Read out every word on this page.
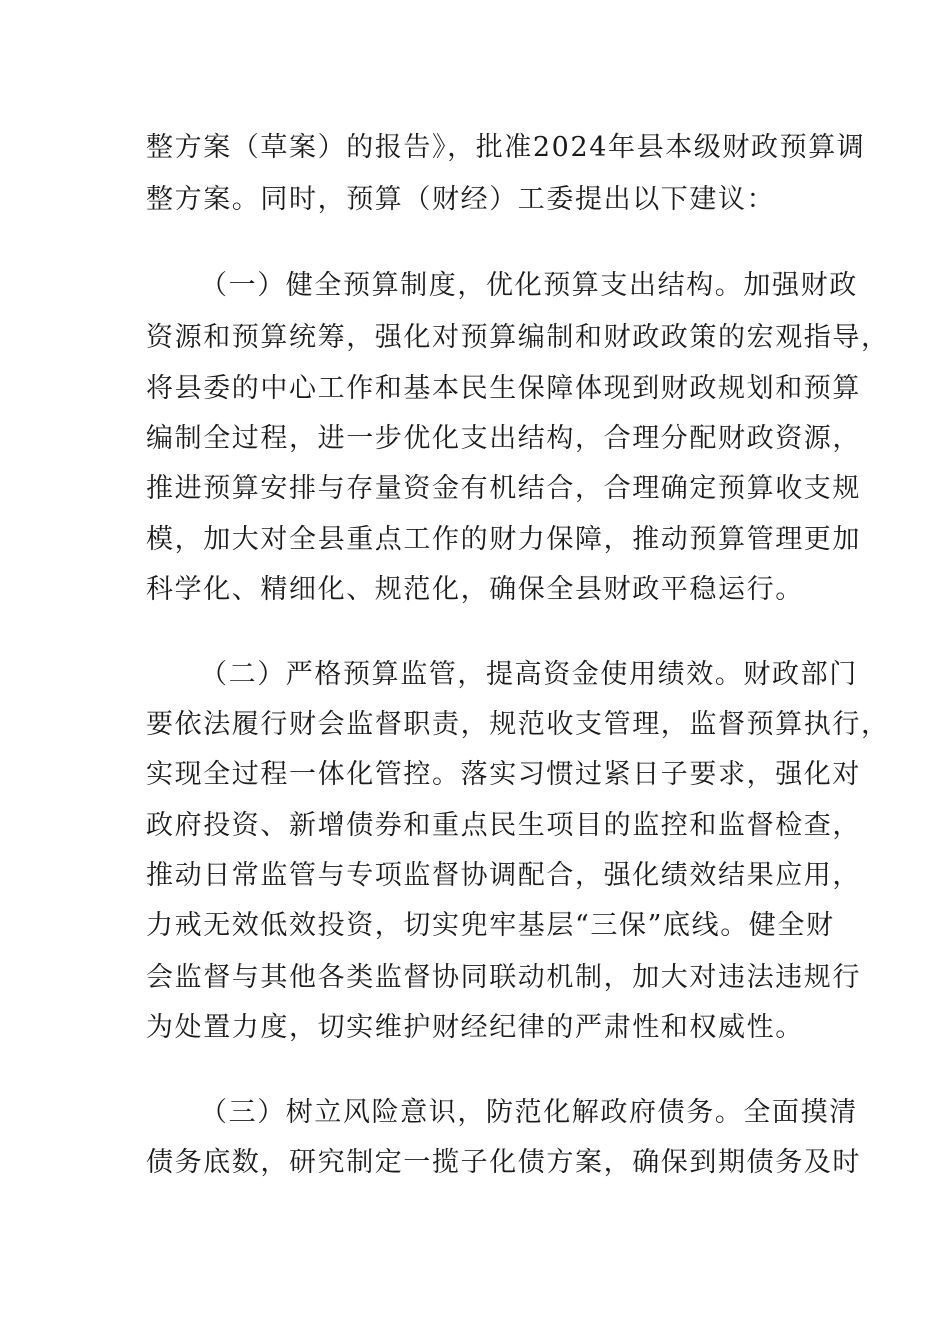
整方案（草案）的报告》，批准2024年县本级财政预算调
整方案。同时，预算（财经）工委提出以下建议：
（一）健全预算制度，优化预算支出结构。加强财政
资源和预算统筹，强化对预算编制和财政政策的宏观指导，
将县委的中心工作和基本民生保障体现到财政规划和预算
编制全过程，进一步优化支出结构，合理分配财政资源，
推进预算安排与存量资金有机结合，合理确定预算收支规
模，加大对全县重点工作的财力保障，推动预算管理更加
科学化、精细化、规范化，确保全县财政平稳运行。
（二）严格预算监管，提高资金使用绩效。财政部门
要依法履行财会监督职责，规范收支管理，监督预算执行，
实现全过程一体化管控。落实习惯过紧日子要求，强化对
政府投资、新增债券和重点民生项目的监控和监督检查，
推动日常监管与专项监督协调配合，强化绩效结果应用，
力戒无效低效投资，切实兜牢基层“三保”底线。健全财
会监督与其他各类监督协同联动机制，加大对违法违规行
为处置力度，切实维护财经纪律的严肃性和权威性。
（三）树立风险意识，防范化解政府债务。全面摸清
债务底数，研究制定一揽子化债方案，确保到期债务及时
